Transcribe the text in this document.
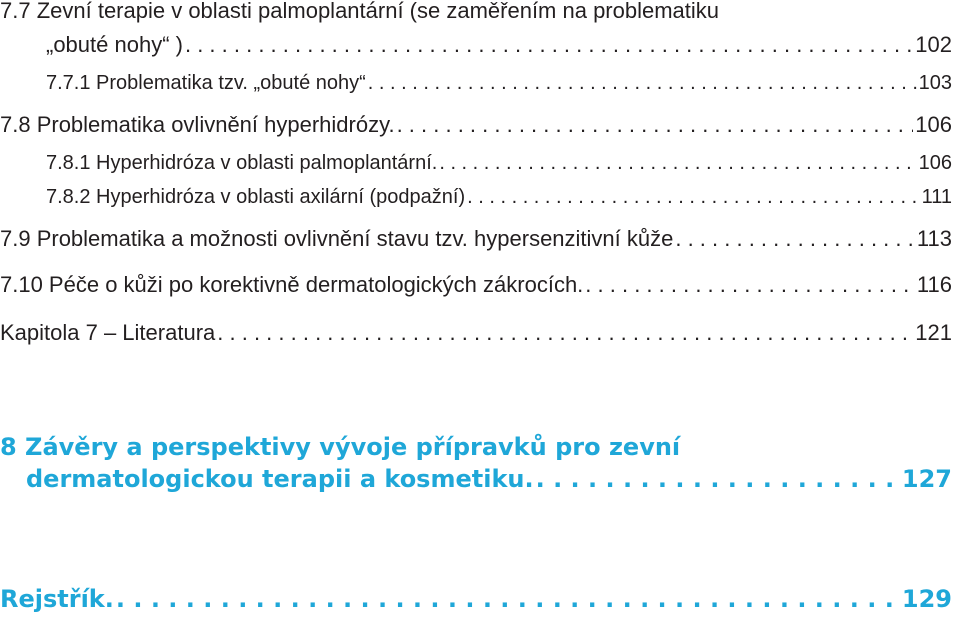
7.7 Zevní terapie v oblasti palmoplantární (se zaměřením na problematiku
„obuté nohy“ ) . . .	102
7.7.1 Problematika tzv. „obuté nohy“ . . .	103
7.8 Problematika ovlivnění hyperhidrózy. . . .	106
7.8.1 Hyperhidróza v oblasti palmoplantární. . . .	106
7.8.2 Hyperhidróza v oblasti axilární (podpažní) . . .	111
7.9 Problematika a možnosti ovlivnění stavu tzv. hypersenzitivní kůže . . .	113
7.10 Péče o kůži po korektivně dermatologických zákrocích. . . .	116
Kapitola 7 – Literatura . . .	121
8 Závěry a perspektivy vývoje přípravků pro zevní
dermatologickou terapii a kosmetiku. . . .	127
Rejstřík. . . .	129
